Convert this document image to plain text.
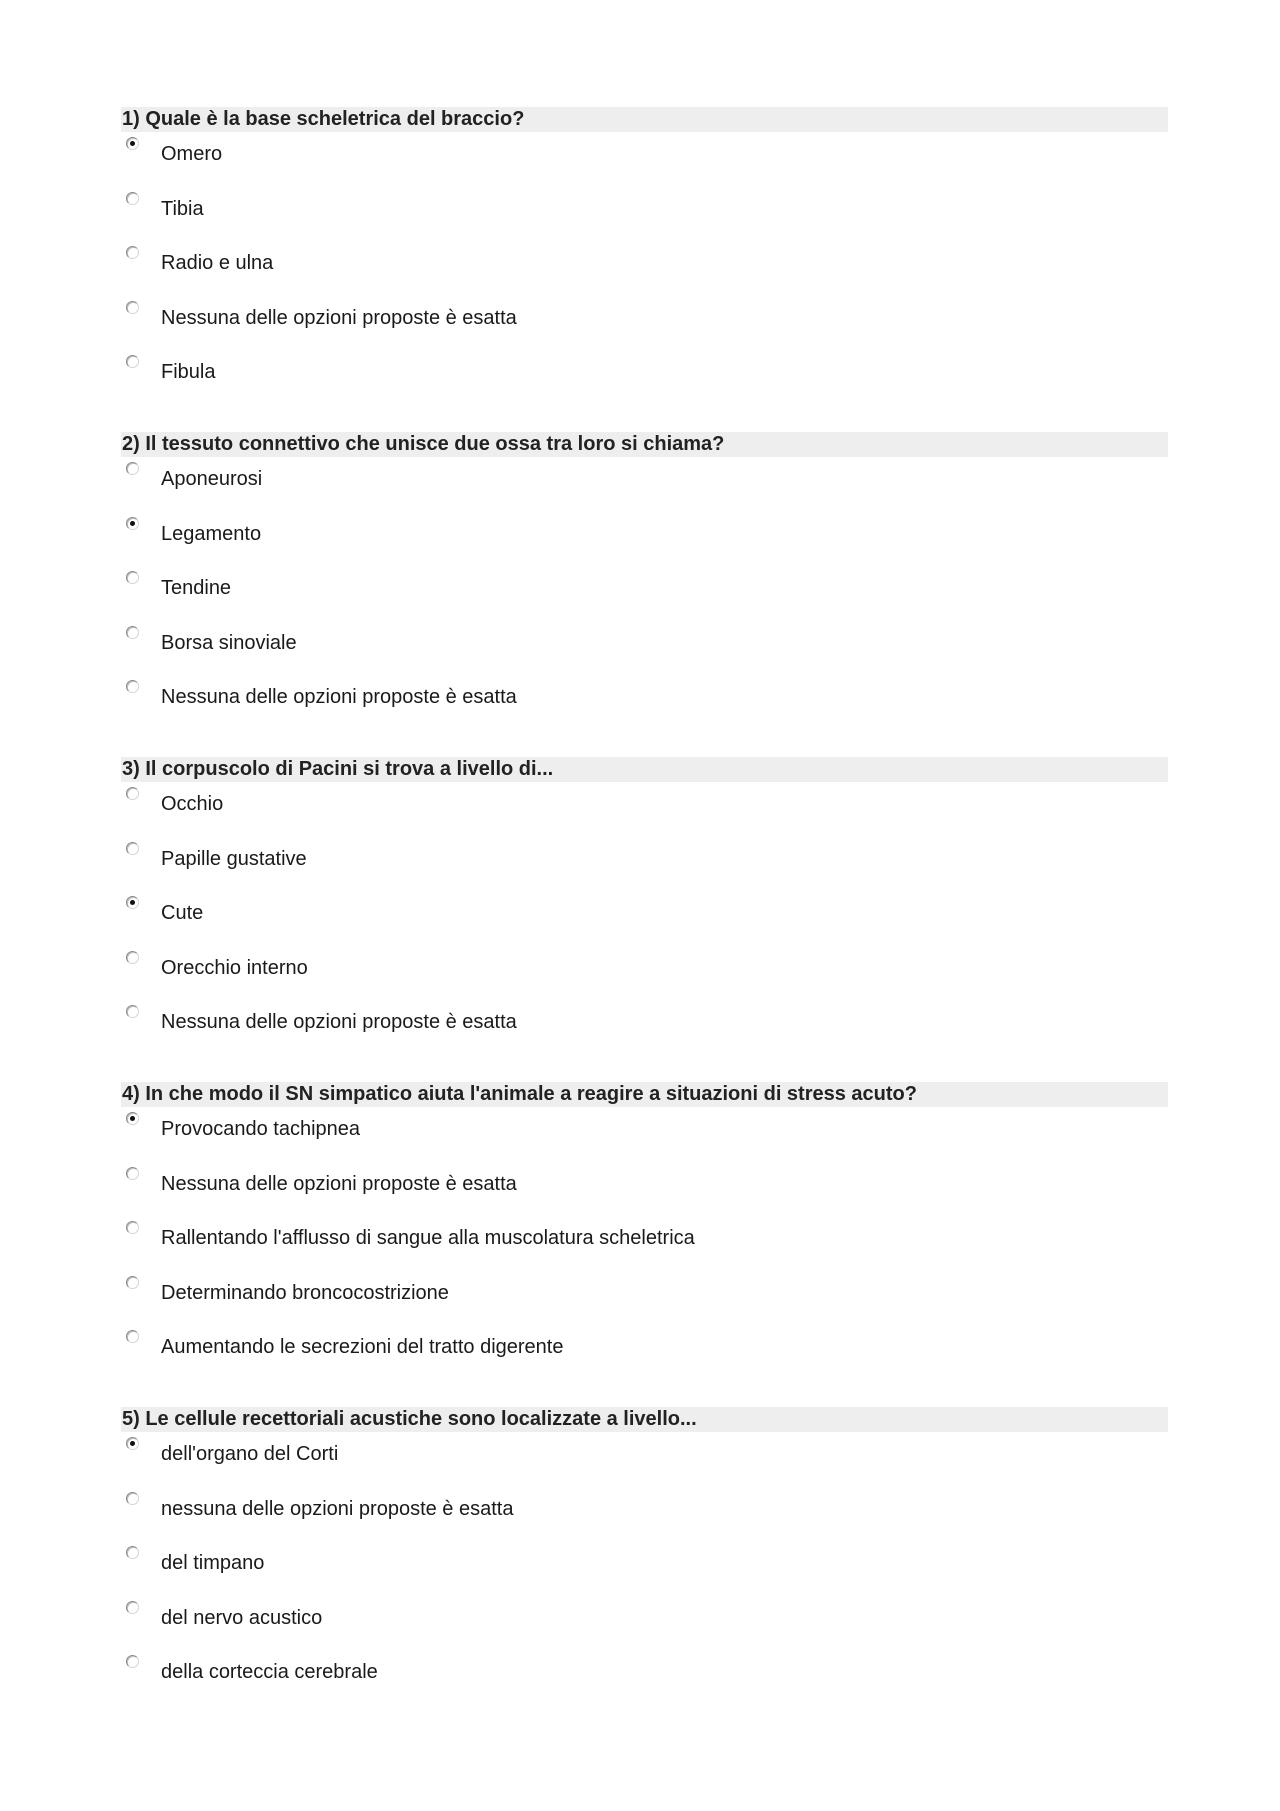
1) Quale è la base scheletrica del braccio?
Omero
Tibia
Radio e ulna
Nessuna delle opzioni proposte è esatta
Fibula
2) Il tessuto connettivo che unisce due ossa tra loro si chiama?
Aponeurosi
Legamento
Tendine
Borsa sinoviale
Nessuna delle opzioni proposte è esatta
3) Il corpuscolo di Pacini si trova a livello di...
Occhio
Papille gustative
Cute
Orecchio interno
Nessuna delle opzioni proposte è esatta
4) In che modo il SN simpatico aiuta l'animale a reagire a situazioni di stress acuto?
Provocando tachipnea
Nessuna delle opzioni proposte è esatta
Rallentando l'afflusso di sangue alla muscolatura scheletrica
Determinando broncocostrizione
Aumentando le secrezioni del tratto digerente
5) Le cellule recettoriali acustiche sono localizzate a livello...
dell'organo del Corti
nessuna delle opzioni proposte è esatta
del timpano
del nervo acustico
della corteccia cerebrale
